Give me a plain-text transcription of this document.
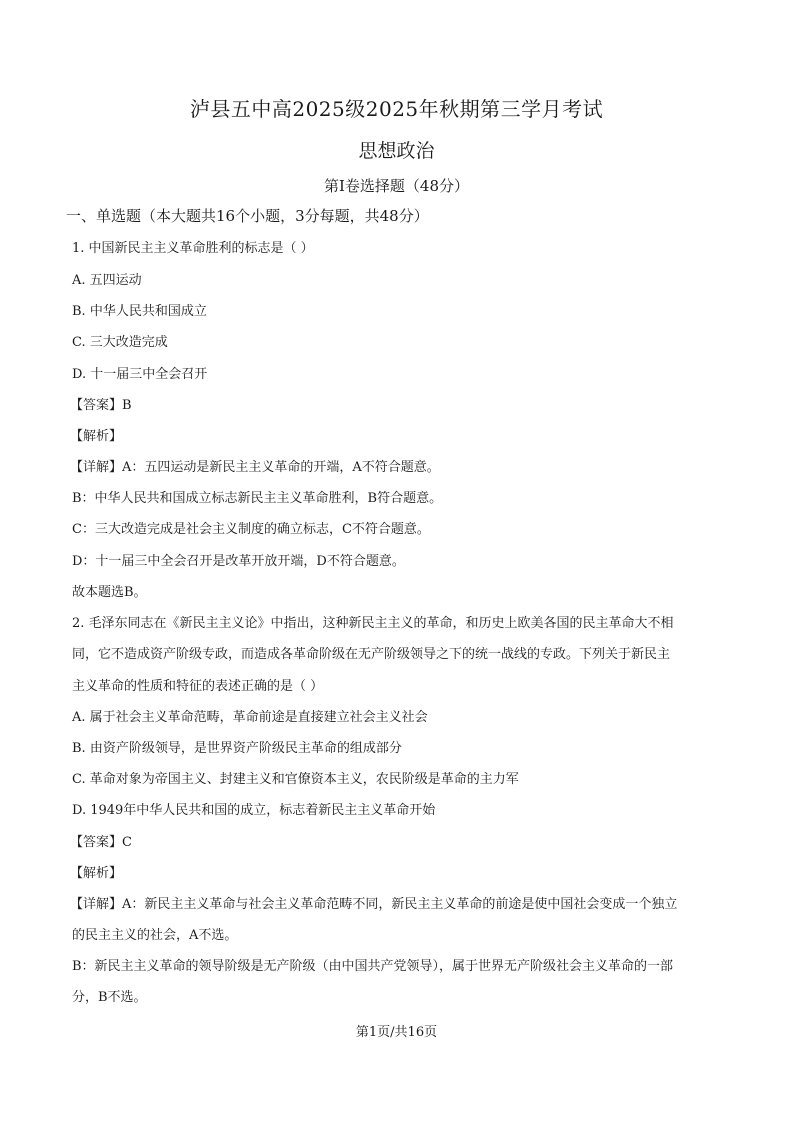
泸县五中高2025级2025年秋期第三学月考试
思想政治
第Ⅰ卷选择题（48分）
一、单选题（本大题共16个小题，3分每题，共48分）
1. 中国新民主主义革命胜利的标志是（ ）
A. 五四运动
B. 中华人民共和国成立
C. 三大改造完成
D. 十一届三中全会召开
【答案】B
【解析】
【详解】A：五四运动是新民主主义革命的开端，A不符合题意。
B：中华人民共和国成立标志新民主主义革命胜利，B符合题意。
C：三大改造完成是社会主义制度的确立标志，C不符合题意。
D：十一届三中全会召开是改革开放开端，D不符合题意。
故本题选B。
2. 毛泽东同志在《新民主主义论》中指出，这种新民主主义的革命，和历史上欧美各国的民主革命大不相
同，它不造成资产阶级专政，而造成各革命阶级在无产阶级领导之下的统一战线的专政。下列关于新民主
主义革命的性质和特征的表述正确的是（ ）
A. 属于社会主义革命范畴，革命前途是直接建立社会主义社会
B. 由资产阶级领导，是世界资产阶级民主革命的组成部分
C. 革命对象为帝国主义、封建主义和官僚资本主义，农民阶级是革命的主力军
D. 1949年中华人民共和国的成立，标志着新民主主义革命开始
【答案】C
【解析】
【详解】A：新民主主义革命与社会主义革命范畴不同，新民主主义革命的前途是使中国社会变成一个独立
的民主主义的社会，A不选。
B：新民主主义革命的领导阶级是无产阶级（由中国共产党领导），属于世界无产阶级社会主义革命的一部
分，B不选。
第1页/共16页
